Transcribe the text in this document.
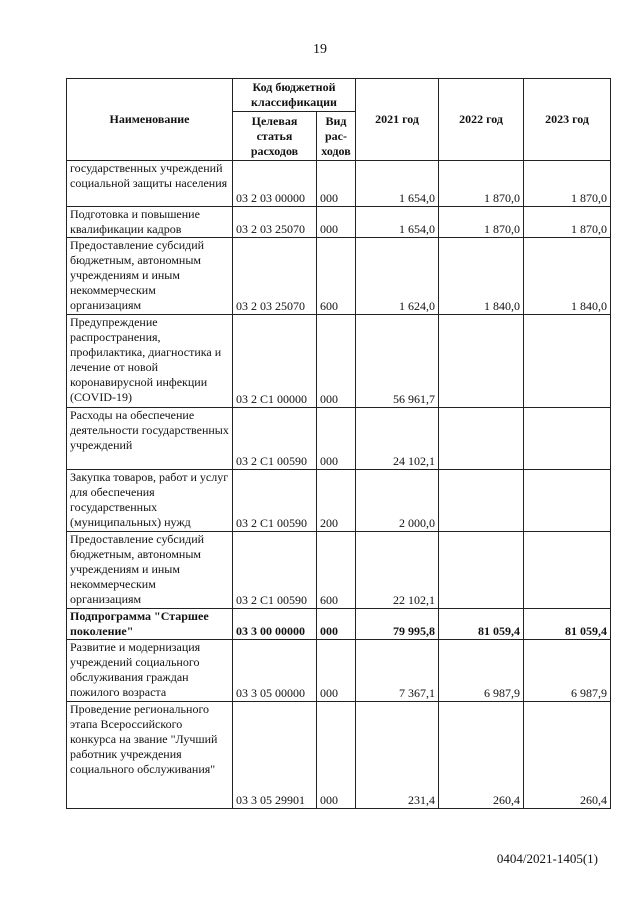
19
Наименование	Код бюджетной классификации		2021 год	2022 год	2023 год
	Целевая статья расходов	Вид рас-ходов			
государственных учреждений социальной защиты населения	03 2 03 00000	000	1 654,0	1 870,0	1 870,0
Подготовка и повышение квалификации кадров	03 2 03 25070	000	1 654,0	1 870,0	1 870,0
Предоставление субсидий бюджетным, автономным учреждениям и иным некоммерческим организациям	03 2 03 25070	600	1 624,0	1 840,0	1 840,0
Предупреждение распространения, профилактика, диагностика и лечение от новой коронавирусной инфекции (COVID-19)	03 2 С1 00000	000	56 961,7		
Расходы на обеспечение деятельности государственных учреждений	03 2 С1 00590	000	24 102,1		
Закупка товаров, работ и услуг для обеспечения государственных (муниципальных) нужд	03 2 С1 00590	200	2 000,0		
Предоставление субсидий бюджетным, автономным учреждениям и иным некоммерческим организациям	03 2 С1 00590	600	22 102,1		
Подпрограмма "Старшее поколение"	03 3 00 00000	000	79 995,8	81 059,4	81 059,4
Развитие и модернизация учреждений социального обслуживания граждан пожилого возраста	03 3 05 00000	000	7 367,1	6 987,9	6 987,9
Проведение регионального этапа Всероссийского конкурса на звание "Лучший работник учреждения социального обслуживания"	03 3 05 29901	000	231,4	260,4	260,4
0404/2021-1405(1)
